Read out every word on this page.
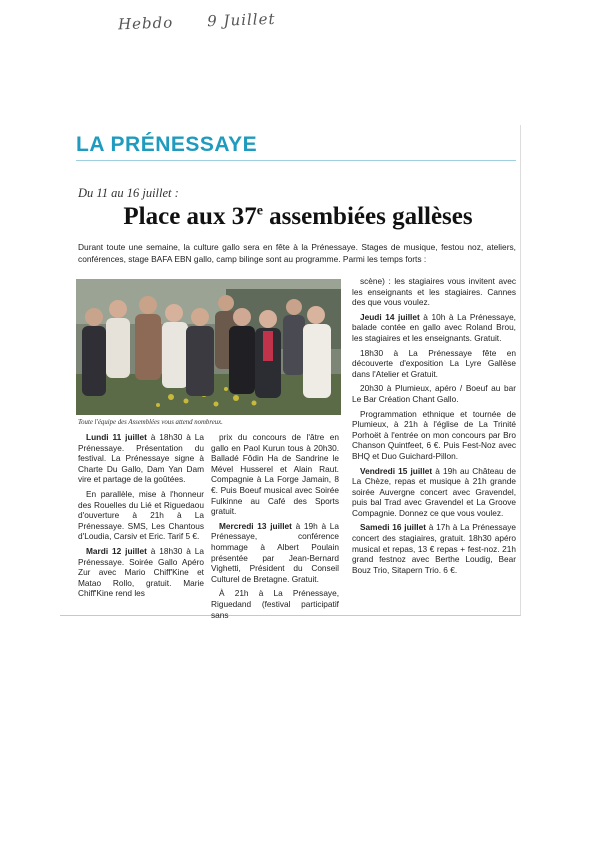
Hebdo 9 Juillet
LA PRÉNESSAYE
Du 11 au 16 juillet :
Place aux 37e assembiées gallèses
Durant toute une semaine, la culture gallo sera en fête à la Prénessaye. Stages de musique, festou noz, ateliers, conférences, stage BAFA EBN gallo, camp bilinge sont au programme. Parmi les temps forts :
Toute l'équipe des Assemblées vous attend nombreux.

Lundi 11 juillet à 18h30 à La Prénessaye. Présentation du festival. La Prénessaye signe à Charte Du Gallo, Dam Yan Dam vire et partage de la goûtées.

En parallèle, mise à l'honneur des Rouelles du Lié et Riguedaou d'ouverture à 21h à La Prénessaye. SMS, Les Chantous d'Loudia, Carsiv et Eric. Tarif 5 €.

Mardi 12 juillet à 18h30 à La Prénessaye. Soirée Gallo Apéro Zur avec Mario Chiff'Kine et Matao Rollo, gratuit. Marie Chiff'Kine rend les

prix du concours de l'âtre en gallo en Paol Kurun tous à 20h30. Balladé Fôdin Ha de Sandrine le Mével Husserel et Alain Raut. Compagnie à La Forge Jamain, 8 €. Puis Boeuf musical avec Soirée Fulkinne au Café des Sports gratuit.

Mercredi 13 juillet à 19h à La Prénessaye, conférence hommage à Albert Poulain présentée par Jean-Bernard Vighetti, Président du Conseil Culturel de Bretagne. Gratuit.

À 21h à La Prénessaye, Riguedand (festival participatif sans

scène) : les stagiaires vous invitent avec les enseignants et les stagiaires. Cannes des que vous voulez.

Jeudi 14 juillet à 10h à La Prénessaye, balade contée en gallo avec Roland Brou, les stagiaires et les enseignants. Gratuit.

18h30 à La Prénessaye fête en découverte d'exposition La Lyre Gallèse dans l'Atelier et Gratuit.

20h30 à Plumieux, apéro / Boeuf au bar Le Bar Création Chant Gallo.

Programmation ethnique et tournée de Plumieux, à 21h à l'église de La Trinité Porhoët à l'entrée on mon concours par Bro Chanson Quintfeet, 6 €. Puis Fest-Noz avec BHQ et Duo Guichard-Pillon.

Vendredi 15 juillet à 19h au Château de La Chèze, repas et musique à 21h grande soirée Auvergne concert avec Gravendel, puis bal Trad avec Gravendel et La Groove Compagnie. Donnez ce que vous voulez.

Samedi 16 juillet à 17h à La Prénessaye concert des stagiaires, gratuit. 18h30 apéro musical et repas, 13 € repas + fest-noz. 21h grand festnoz avec Berthe Loudig, Bear Bouz Trio, Sitapern Trio. 6 €.
